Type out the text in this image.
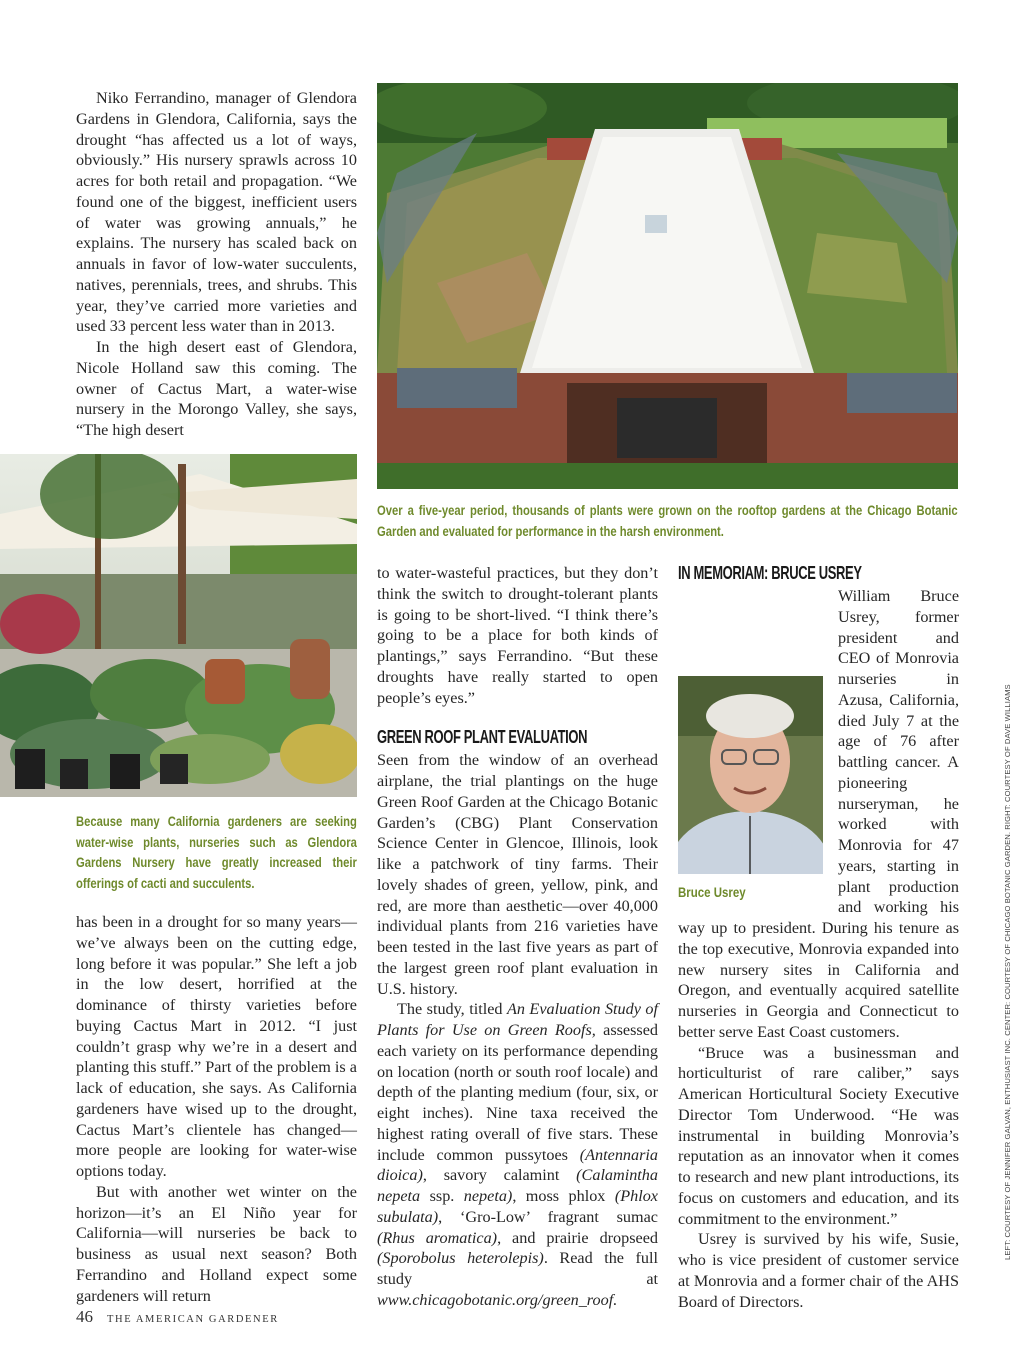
Niko Ferrandino, manager of Glendora Gardens in Glendora, California, says the drought “has affected us a lot of ways, obviously.” His nursery sprawls across 10 acres for both retail and propagation. “We found one of the biggest, inefficient users of water was growing annuals,” he explains. The nursery has scaled back on annuals in favor of low-water succulents, natives, perennials, trees, and shrubs. This year, they’ve carried more varieties and used 33 percent less water than in 2013.

In the high desert east of Glendora, Nicole Holland saw this coming. The owner of Cactus Mart, a water-wise nursery in the Morongo Valley, she says, “The high desert

Because many California gardeners are seeking water-wise plants, nurseries such as Glendora Gardens Nursery have greatly increased their offerings of cacti and succulents.

has been in a drought for so many years—we’ve always been on the cutting edge, long before it was popular.” She left a job in the low desert, horrified at the dominance of thirsty varieties before buying Cactus Mart in 2012. “I just couldn’t grasp why we’re in a desert and planting this stuff.” Part of the problem is a lack of education, she says. As California gardeners have wised up to the drought, Cactus Mart’s clientele has changed—more people are looking for water-wise options today.

But with another wet winter on the horizon—it’s an El Niño year for California—will nurseries be back to business as usual next season? Both Ferrandino and Holland expect some gardeners will return

Over a five-year period, thousands of plants were grown on the rooftop gardens at the Chicago Botanic Garden and evaluated for performance in the harsh environment.

to water-wasteful practices, but they don’t think the switch to drought-tolerant plants is going to be short-lived. “I think there’s going to be a place for both kinds of plantings,” says Ferrandino. “But these droughts have really started to open people’s eyes.”

GREEN ROOF PLANT EVALUATION

Seen from the window of an overhead airplane, the trial plantings on the huge Green Roof Garden at the Chicago Botanic Garden’s (CBG) Plant Conservation Science Center in Glencoe, Illinois, look like a patchwork of tiny farms. Their lovely shades of green, yellow, pink, and red, are more than aesthetic—over 40,000 individual plants from 216 varieties have been tested in the last five years as part of the largest green roof plant evaluation in U.S. history.

The study, titled An Evaluation Study of Plants for Use on Green Roofs, assessed each variety on its performance depending on location (north or south roof locale) and depth of the planting medium (four, six, or eight inches). Nine taxa received the highest rating overall of five stars. These include common pussytoes (Antennaria dioica), savory calamint (Calamintha nepeta ssp. nepeta), moss phlox (Phlox subulata), ‘Gro-Low’ fragrant sumac (Rhus aromatica), and prairie dropseed (Sporobolus heterolepis). Read the full study at www.chicagobotanic.org/green_roof.

IN MEMORIAM: BRUCE USREY
Bruce Usrey

William Bruce Usrey, former president and CEO of Monrovia nurseries in Azusa, California, died July 7 at the age of 76 after battling cancer. A pioneering nurseryman, he worked with Monrovia for 47 years, starting in plant production and working his way up to president. During his tenure as the top executive, Monrovia expanded into new nursery sites in California and Oregon, and eventually acquired satellite nurseries in Georgia and Connecticut to better serve East Coast customers.

“Bruce was a businessman and horticulturist of rare caliber,” says American Horticultural Society Executive Director Tom Underwood. “He was instrumental in building Monrovia’s reputation as an innovator when it comes to research and new plant introductions, its focus on customers and education, and its commitment to the environment.”

Usrey is survived by his wife, Susie, who is vice president of customer service at Monrovia and a former chair of the AHS Board of Directors.

LEFT: COURTESY OF JENNIFER GALVAN, ENTHUSIAST INC. CENTER: COURTESY OF CHICAGO BOTANIC GARDEN. RIGHT: COURTESY OF DAVE WILLIAMS
46 THE AMERICAN GARDENER
